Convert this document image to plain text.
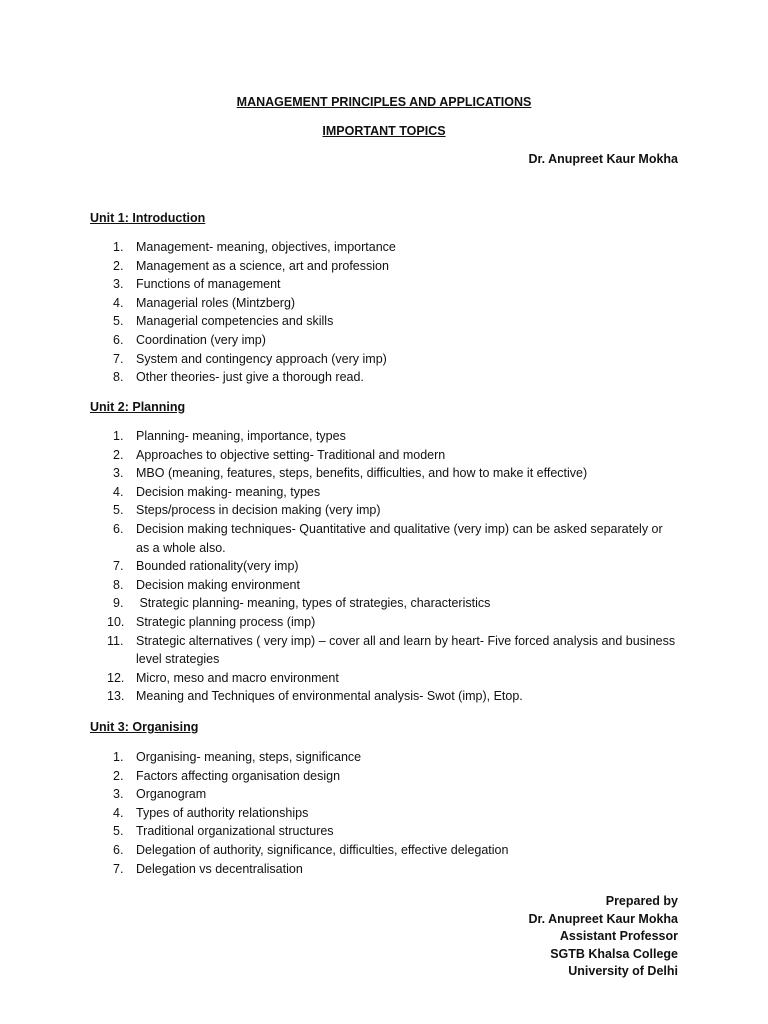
MANAGEMENT PRINCIPLES AND APPLICATIONS
IMPORTANT TOPICS
Dr. Anupreet Kaur Mokha
Unit 1: Introduction
1.	Management- meaning, objectives, importance
2.	Management as a science, art and profession
3.	Functions of management
4.	Managerial roles (Mintzberg)
5.	Managerial competencies and skills
6.	Coordination (very imp)
7.	System and contingency approach (very imp)
8.	Other theories- just give a thorough read.
Unit 2: Planning
1.	Planning- meaning, importance, types
2.	Approaches to objective setting- Traditional and modern
3.	MBO (meaning, features, steps, benefits, difficulties, and how to make it effective)
4.	Decision making- meaning, types
5.	Steps/process in decision making (very imp)
6.	Decision making techniques- Quantitative and qualitative (very imp) can be asked separately or as a whole also.
7.	Bounded rationality(very imp)
8.	Decision making environment
9.	Strategic planning- meaning, types of strategies, characteristics
10. Strategic planning process (imp)
11.	Strategic alternatives ( very imp) – cover all and learn by heart- Five forced analysis and business level strategies
12. Micro, meso and macro environment
13. Meaning and Techniques of environmental analysis- Swot (imp), Etop.
Unit 3: Organising
1.	Organising- meaning, steps, significance
2.	Factors affecting organisation design
3.	Organogram
4.	Types of authority relationships
5.	Traditional organizational structures
6.	Delegation of authority, significance, difficulties, effective delegation
7.	Delegation vs decentralisation
Prepared by
Dr. Anupreet Kaur Mokha
Assistant Professor
SGTB Khalsa College
University of Delhi
